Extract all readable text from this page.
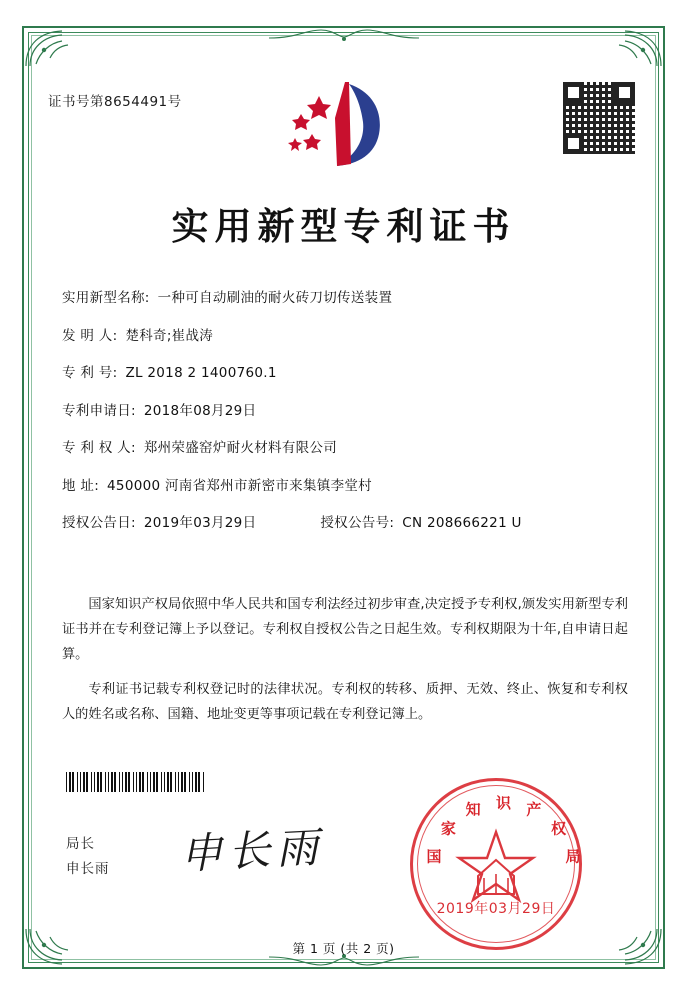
证书号第8654491号
实用新型专利证书
实用新型名称: 一种可自动刷油的耐火砖刀切传送装置
发 明 人: 楚科奇;崔战涛
专 利 号: ZL 2018 2 1400760.1
专利申请日: 2018年08月29日
专 利 权 人: 郑州荣盛窑炉耐火材料有限公司
地 址: 450000 河南省郑州市新密市来集镇李堂村
授权公告日: 2019年03月29日	授权公告号: CN 208666221 U

国家知识产权局依照中华人民共和国专利法经过初步审查,决定授予专利权,颁发实用新型专利证书并在专利登记簿上予以登记。专利权自授权公告之日起生效。专利权期限为十年,自申请日起算。

专利证书记载专利权登记时的法律状况。专利权的转移、质押、无效、终止、恢复和专利权人的姓名或名称、国籍、地址变更等事项记载在专利登记簿上。

局长
申长雨 申长雨	国
家
知 识 产
权
局
2019年03月29日
第 1 页 (共 2 页)
